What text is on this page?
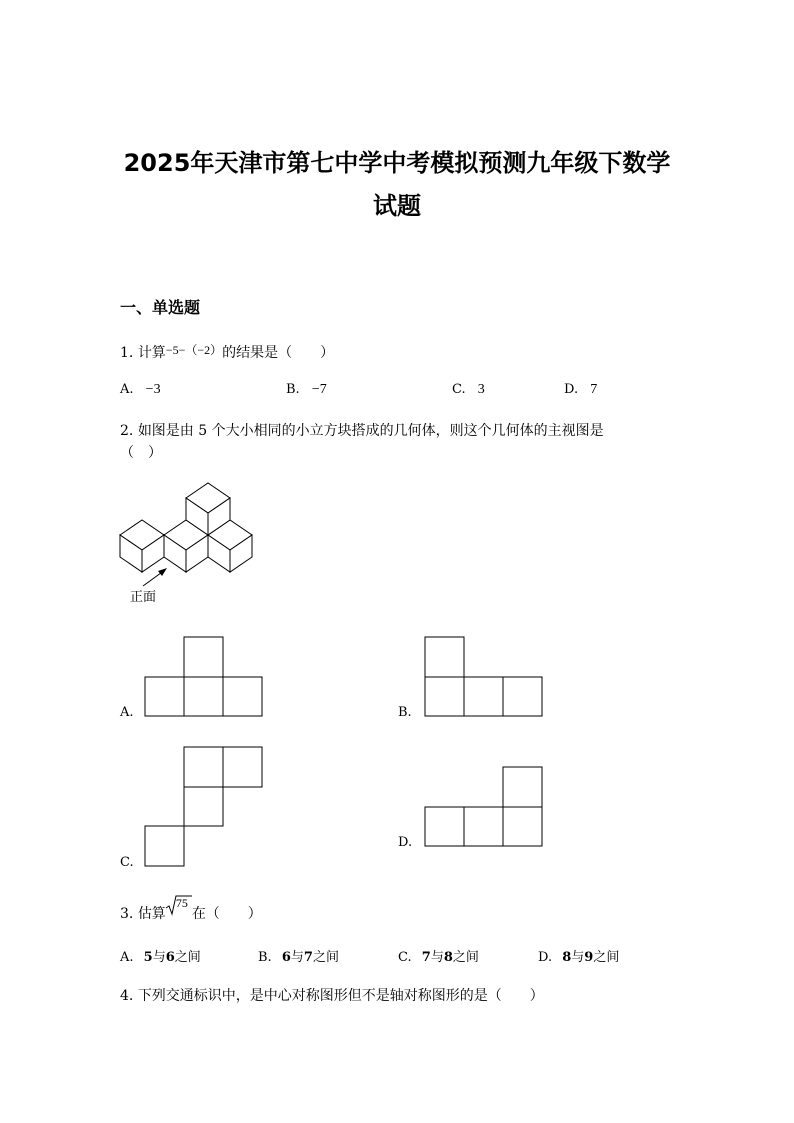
2025年天津市第七中学中考模拟预测九年级下数学
试题
一、单选题
1. 计算−5−（−2）的结果是（　　）
A. −3	B. −7	C. 3	D. 7
2. 如图是由 5 个大小相同的小立方块搭成的几何体，则这个几何体的主视图是
（　）
正面
A.	B.
C.
D.
3. 估算
75
在（　　）
A. 5与6之间	B. 6与7之间	C. 7与8之间	D. 8与9之间
4. 下列交通标识中，是中心对称图形但不是轴对称图形的是（　　）
